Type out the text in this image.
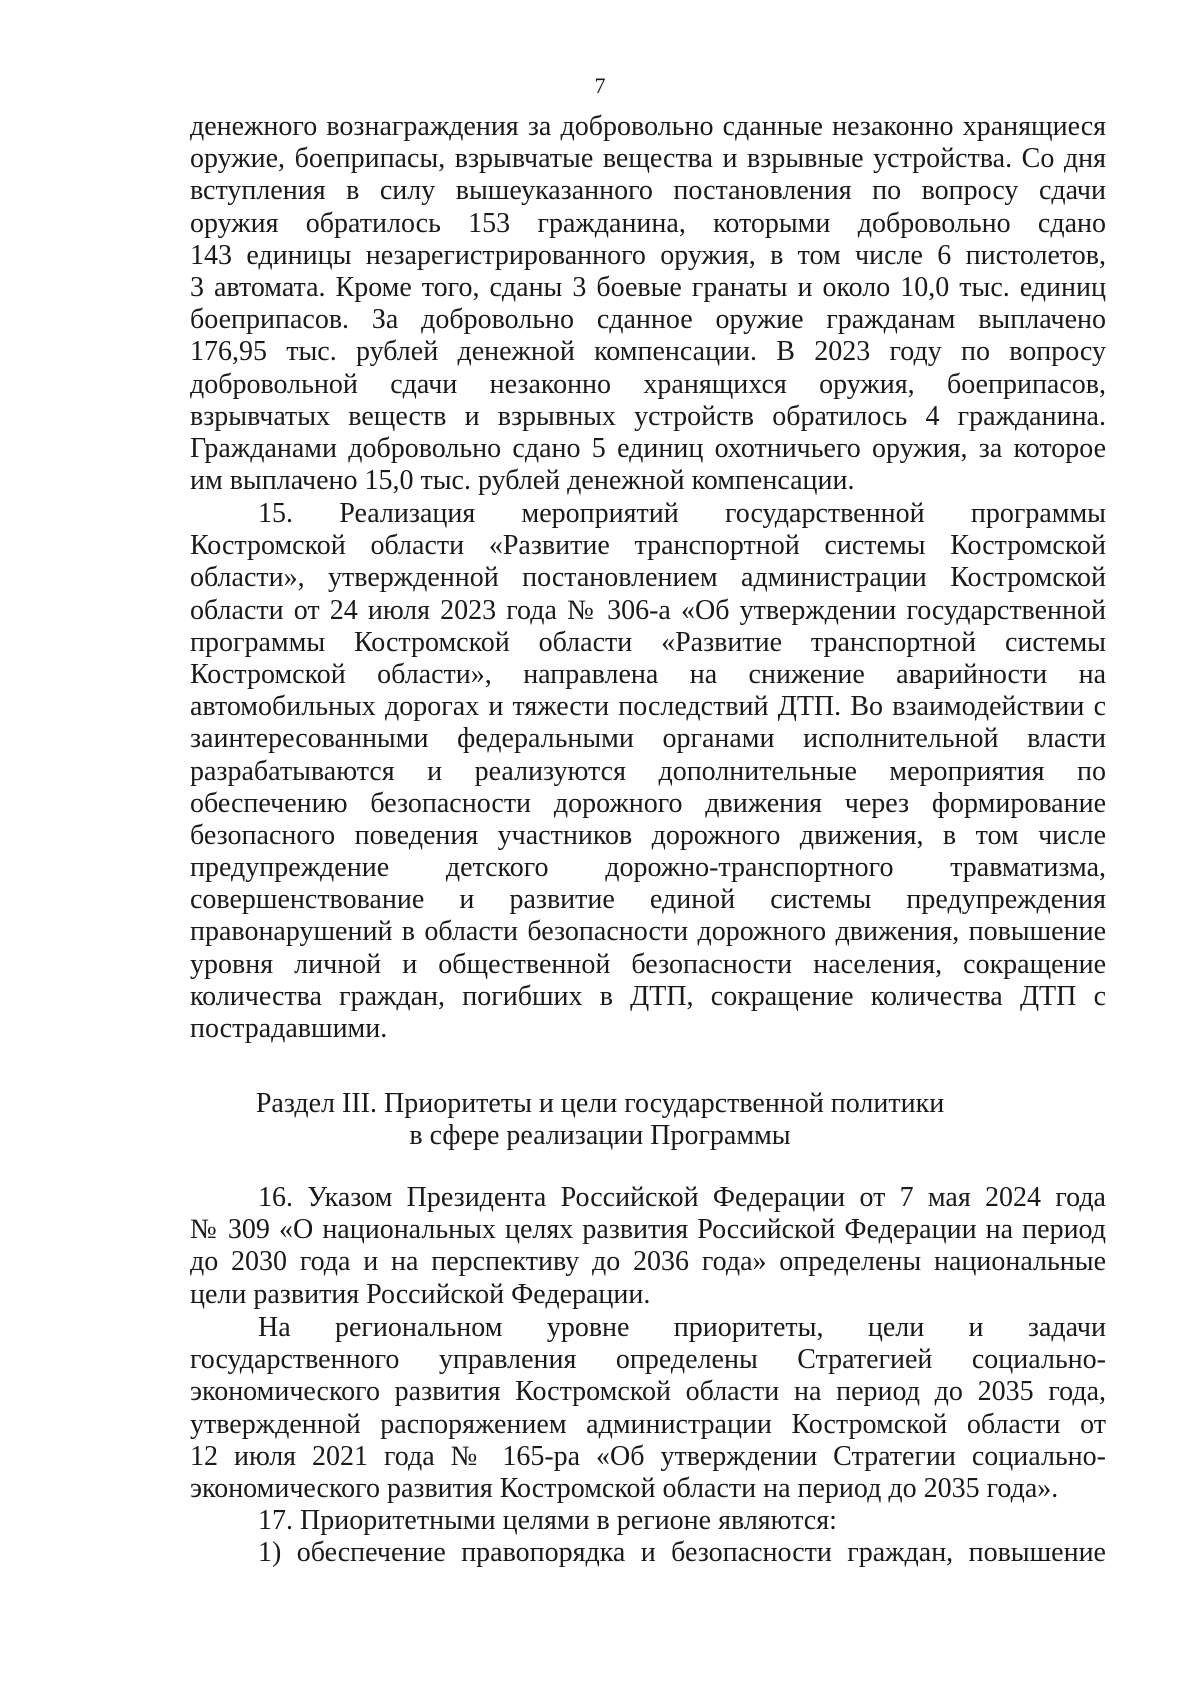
7
денежного вознаграждения за добровольно сданные незаконно хранящиеся
оружие, боеприпасы, взрывчатые вещества и взрывные устройства. Со дня
вступления в силу вышеуказанного постановления по вопросу сдачи
оружия обратилось 153 гражданина, которыми добровольно сдано
143 единицы незарегистрированного оружия, в том числе 6 пистолетов,
3 автомата. Кроме того, сданы 3 боевые гранаты и около 10,0 тыс. единиц
боеприпасов. За добровольно сданное оружие гражданам выплачено
176,95 тыс. рублей денежной компенсации. В 2023 году по вопросу
добровольной сдачи незаконно хранящихся оружия, боеприпасов,
взрывчатых веществ и взрывных устройств обратилось 4 гражданина.
Гражданами добровольно сдано 5 единиц охотничьего оружия, за которое
им выплачено 15,0 тыс. рублей денежной компенсации.
15. Реализация мероприятий государственной программы
Костромской области «Развитие транспортной системы Костромской
области», утвержденной постановлением администрации Костромской
области от 24 июля 2023 года № 306-а «Об утверждении государственной
программы Костромской области «Развитие транспортной системы
Костромской области», направлена на снижение аварийности на
автомобильных дорогах и тяжести последствий ДТП. Во взаимодействии с
заинтересованными федеральными органами исполнительной власти
разрабатываются и реализуются дополнительные мероприятия по
обеспечению безопасности дорожного движения через формирование
безопасного поведения участников дорожного движения, в том числе
предупреждение детского дорожно-транспортного травматизма,
совершенствование и развитие единой системы предупреждения
правонарушений в области безопасности дорожного движения, повышение
уровня личной и общественной безопасности населения, сокращение
количества граждан, погибших в ДТП, сокращение количества ДТП с
пострадавшими.
Раздел III. Приоритеты и цели государственной политики
в сфере реализации Программы
16. Указом Президента Российской Федерации от 7 мая 2024 года
№ 309 «О национальных целях развития Российской Федерации на период
до 2030 года и на перспективу до 2036 года» определены национальные
цели развития Российской Федерации.
На региональном уровне приоритеты, цели и задачи
государственного управления определены Стратегией социально-
экономического развития Костромской области на период до 2035 года,
утвержденной распоряжением администрации Костромской области от
12 июля 2021 года № 165-ра «Об утверждении Стратегии социально-
экономического развития Костромской области на период до 2035 года».
17. Приоритетными целями в регионе являются:
1) обеспечение правопорядка и безопасности граждан, повышение
